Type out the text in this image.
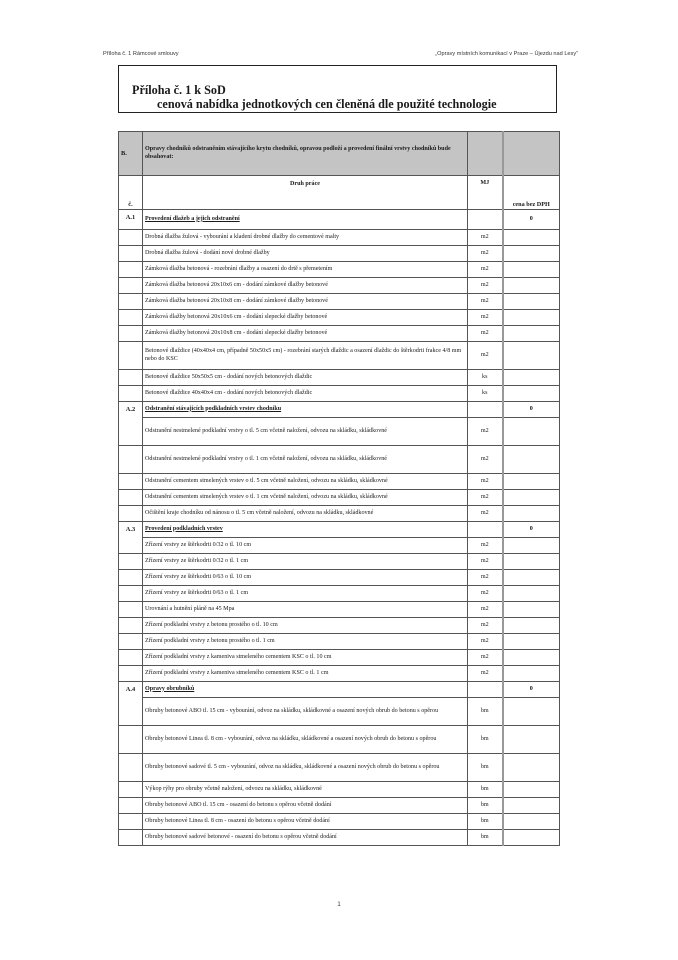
Příloha č. 1 Rámcové smlouvy	„Opravy místních komunikací v Praze – Újezdu nad Lesy“
Příloha č. 1 k SoD
cenová nabídka jednotkových cen členěná dle použité technologie
B.	Opravy chodníků odstraněním stávajícího krytu chodníků, opravou podloží a provedení finální vrstvy chodníků bude obsahovat:		
č.	Druh práce	MJ	cena bez DPH
A.1	Provedení dlažeb a jejich odstranění		0
	Drobná dlažba žulová - vybourání a kladení drobné dlažby do cementové malty	m2	
	Drobná dlažba žulová - dodání nové drobné dlažby	m2	
	Zámková dlažba betonová - rozebrání dlažby a osazení do drtě s přemetením	m2	
	Zámková dlažba betonová 20x10x6 cm - dodání zámkové dlažby betonové	m2	
	Zámková dlažba betonová 20x10x8 cm - dodání zámkové dlažby betonové	m2	
	Zámková dlažby betonová 20x10x6 cm - dodání slepecké dlažby betonové	m2	
	Zámková dlažby betonová 20x10x8 cm - dodání slepecké dlažby betonové	m2	
	Betonové dlaždice (40x40x4 cm, případně 50x50x5 cm) - rozebrání starých dlaždic a osazení dlaždic do štěrkodrti frakce 4/8 mm nebo do KSC	m2	
	Betonové dlaždice 50x50x5 cm - dodání nových betonových dlaždic	ks	
	Betonové dlaždice 40x40x4 cm - dodání nových betonových dlaždic	ks	
A.2	Odstranění stávajících podkladních vrstev chodníku		0
	Odstranění nestmelené podkladní vrstvy o tl. 5 cm včetně naložení, odvozu na skládku, skládkovné	m2	
	Odstranění nestmelené podkladní vrstvy o tl. 1 cm včetně naložení, odvozu na skládku, skládkovné	m2	
	Odstranění cementem stmelených vrstev o tl. 5 cm včetně naložení, odvozu na skládku, skládkovné	m2	
	Odstranění cementem stmelených vrstev o tl. 1 cm včetně naložení, odvozu na skládku, skládkovné	m2	
	Očištění kraje chodníku od nánosu o tl. 5 cm včetně naložení, odvozu na skládku, skládkovné	m2	
A.3	Provedení podkladních vrstev		0
	Zřízení vrstvy ze štěrkodrti 0/32 o tl. 10 cm	m2	
	Zřízení vrstvy ze štěrkodrti 0/32 o tl. 1 cm	m2	
	Zřízení vrstvy ze štěrkodrti 0/63 o tl. 10 cm	m2	
	Zřízení vrstvy ze štěrkodrti 0/63 o tl. 1 cm	m2	
	Urovnání a hutnění pláně na 45 Mpa	m2	
	Zřízení podkladní vrstvy z betonu prostého o tl. 10 cm	m2	
	Zřízení podkladní vrstvy z betonu prostého o tl. 1 cm	m2	
	Zřízení podkladní vrstvy z kameniva stmeleného cementem KSC o tl. 10 cm	m2	
	Zřízení podkladní vrstvy z kameniva stmeleného cementem KSC o tl. 1 cm	m2	
A.4	Opravy obrubníků		0
	Obruby betonové ABO tl. 15 cm - vybourání, odvoz na skládku, skládkovné a osazení nových obrub do betonu s opěrou	bm	
	Obruby betonové Linea tl. 8 cm - vybourání, odvoz na skládku, skládkovné a osazení nových obrub do betonu s opěrou	bm	
	Obruby betonové sadové tl. 5 cm - vybourání, odvoz na skládku, skládkovné a osazení nových obrub do betonu s opěrou	bm	
	Výkop rýhy pro obruby včetně naložení, odvozu na skládku, skládkovné	bm	
	Obruby betonové ABO tl. 15 cm - osazení do betonu s opěrou včetně dodání	bm	
	Obruby betonové Linea tl. 8 cm - osazení do betonu s opěrou včetně dodání	bm	
	Obruby betonové sadové betonové - osazení do betonu s opěrou včetně dodání	bm	
1
